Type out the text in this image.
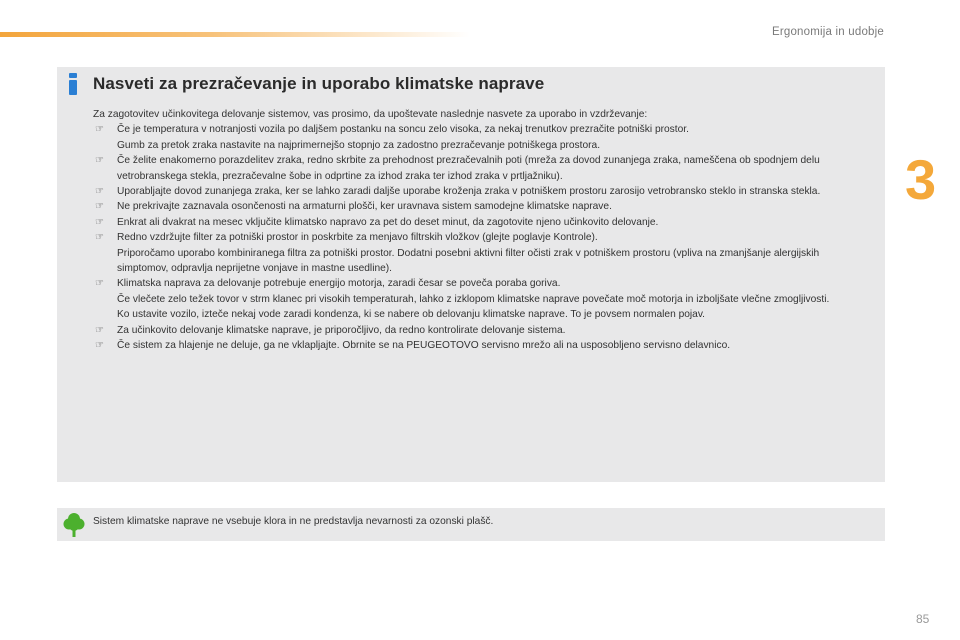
Ergonomija in udobje
3
Nasveti za prezračevanje in uporabo klimatske naprave

Za zagotovitev učinkovitega delovanje sistemov, vas prosimo, da upoštevate naslednje nasvete za uporabo in vzdrževanje:

☞ Če je temperatura v notranjosti vozila po daljšem postanku na soncu zelo visoka, za nekaj trenutkov prezračite potniški prostor.
Gumb za pretok zraka nastavite na najprimernejšo stopnjo za zadostno prezračevanje potniškega prostora.
☞ Če želite enakomerno porazdelitev zraka, redno skrbite za prehodnost prezračevalnih poti (mreža za dovod zunanjega zraka, nameščena ob spodnjem delu vetrobranskega stekla, prezračevalne šobe in odprtine za izhod zraka ter izhod zraka v prtljažniku).
☞ Uporabljajte dovod zunanjega zraka, ker se lahko zaradi daljše uporabe kroženja zraka v potniškem prostoru zarosijo vetrobransko steklo in stranska stekla.
☞ Ne prekrivajte zaznavala osončenosti na armaturni plošči, ker uravnava sistem samodejne klimatske naprave.
☞ Enkrat ali dvakrat na mesec vključite klimatsko napravo za pet do deset minut, da zagotovite njeno učinkovito delovanje.
☞ Redno vzdržujte filter za potniški prostor in poskrbite za menjavo filtrskih vložkov (glejte poglavje Kontrole).
Priporočamo uporabo kombiniranega filtra za potniški prostor. Dodatni posebni aktivni filter očisti zrak v potniškem prostoru (vpliva na zmanjšanje alergijskih simptomov, odpravlja neprijetne vonjave in mastne usedline).
☞ Klimatska naprava za delovanje potrebuje energijo motorja, zaradi česar se poveča poraba goriva.
Če vlečete zelo težek tovor v strm klanec pri visokih temperaturah, lahko z izklopom klimatske naprave povečate moč motorja in izboljšate vlečne zmogljivosti.
Ko ustavite vozilo, izteče nekaj vode zaradi kondenza, ki se nabere ob delovanju klimatske naprave. To je povsem normalen pojav.
☞ Za učinkovito delovanje klimatske naprave, je priporočljivo, da redno kontrolirate delovanje sistema.
☞ Če sistem za hlajenje ne deluje, ga ne vklapljajte. Obrnite se na PEUGEOTOVO servisno mrežo ali na usposobljeno servisno delavnico.
Sistem klimatske naprave ne vsebuje klora in ne predstavlja nevarnosti za ozonski plašč.
85
